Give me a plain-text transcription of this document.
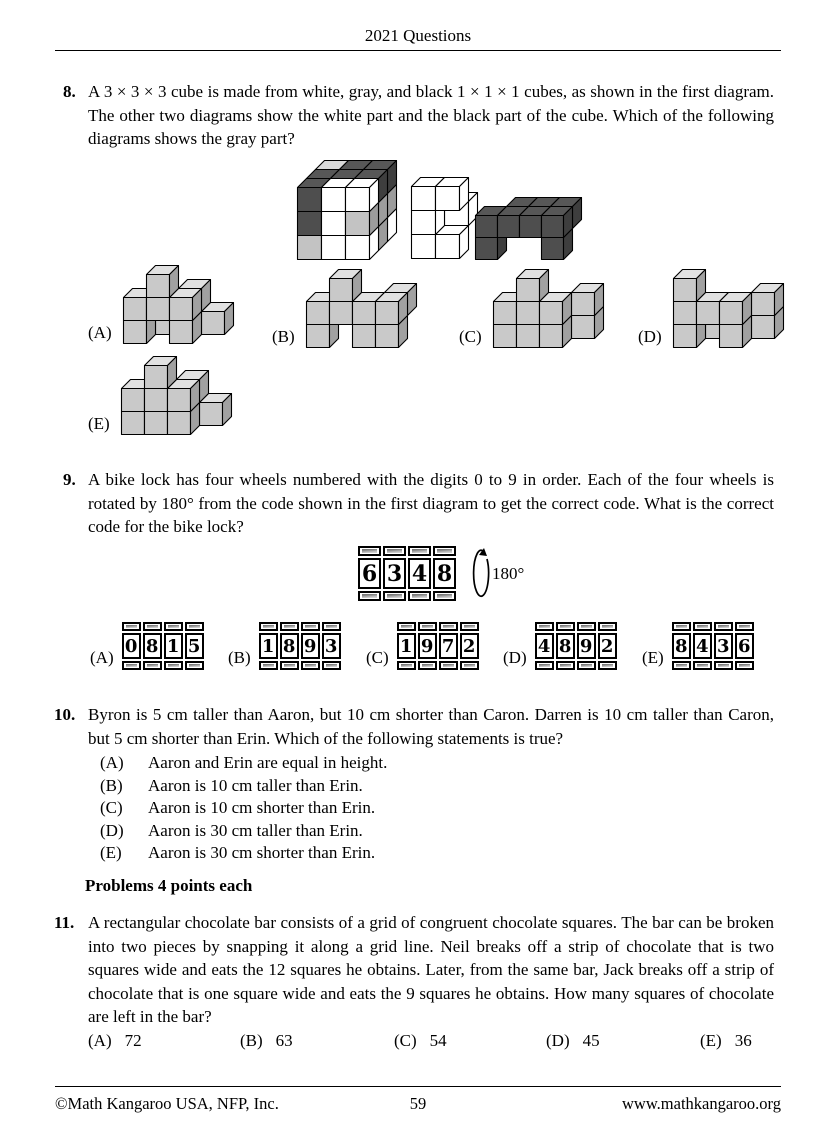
2021 Questions
8. A 3 × 3 × 3 cube is made from white, gray, and black 1 × 1 × 1 cubes, as shown in the first diagram. The other two diagrams show the white part and the black part of the cube. Which of the following diagrams shows the gray part?
(A)	(B)	(C)	(D)
(E)
9. A bike lock has four wheels numbered with the digits 0 to 9 in order. Each of the four wheels is rotated by 180° from the code shown in the first diagram to get the correct code. What is the correct code for the bike lock?
6 3 4 8 180°
(A)
0 8 1 5
(B)
1 8 9 3
(C)
1 9 7 2
(D)
4 8 9 2
(E)
8 4 3 6
10. Byron is 5 cm taller than Aaron, but 10 cm shorter than Caron. Darren is 10 cm taller than Caron, but 5 cm shorter than Erin. Which of the following statements is true?
(A)	Aaron and Erin are equal in height.
(B)	Aaron is 10 cm taller than Erin.
(C)	Aaron is 10 cm shorter than Erin.
(D)	Aaron is 30 cm taller than Erin.
(E)	Aaron is 30 cm shorter than Erin.
Problems 4 points each
11. A rectangular chocolate bar consists of a grid of congruent chocolate squares. The bar can be broken into two pieces by snapping it along a grid line. Neil breaks off a strip of chocolate that is two squares wide and eats the 12 squares he obtains. Later, from the same bar, Jack breaks off a strip of chocolate that is one square wide and eats the 9 squares he obtains. How many squares of chocolate are left in the bar?
(A) 72	(B) 63	(C) 54	(D) 45	(E) 36
©Math Kangaroo USA, NFP, Inc.	59	www.mathkangaroo.org
